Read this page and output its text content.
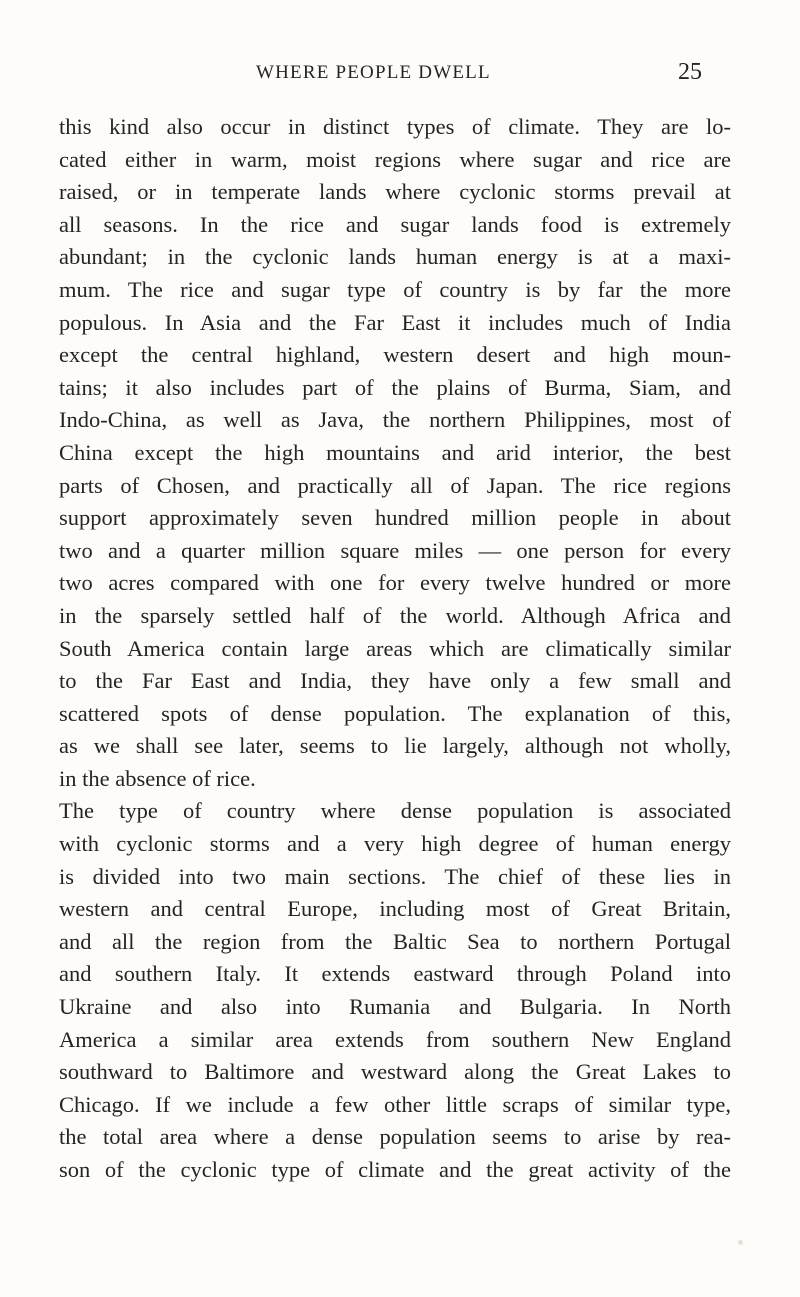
WHERE PEOPLE DWELL	25
this kind also occur in distinct types of climate. They are lo-
cated either in warm, moist regions where sugar and rice are
raised, or in temperate lands where cyclonic storms prevail at
all seasons. In the rice and sugar lands food is extremely
abundant; in the cyclonic lands human energy is at a maxi-
mum. The rice and sugar type of country is by far the more
populous. In Asia and the Far East it includes much of India
except the central highland, western desert and high moun-
tains; it also includes part of the plains of Burma, Siam, and
Indo-China, as well as Java, the northern Philippines, most of
China except the high mountains and arid interior, the best
parts of Chosen, and practically all of Japan. The rice regions
support approximately seven hundred million people in about
two and a quarter million square miles — one person for every
two acres compared with one for every twelve hundred or more
in the sparsely settled half of the world. Although Africa and
South America contain large areas which are climatically similar
to the Far East and India, they have only a few small and
scattered spots of dense population. The explanation of this,
as we shall see later, seems to lie largely, although not wholly,
in the absence of rice.
The type of country where dense population is associated
with cyclonic storms and a very high degree of human energy
is divided into two main sections. The chief of these lies in
western and central Europe, including most of Great Britain,
and all the region from the Baltic Sea to northern Portugal
and southern Italy. It extends eastward through Poland into
Ukraine and also into Rumania and Bulgaria. In North
America a similar area extends from southern New England
southward to Baltimore and westward along the Great Lakes to
Chicago. If we include a few other little scraps of similar type,
the total area where a dense population seems to arise by rea-
son of the cyclonic type of climate and the great activity of the
